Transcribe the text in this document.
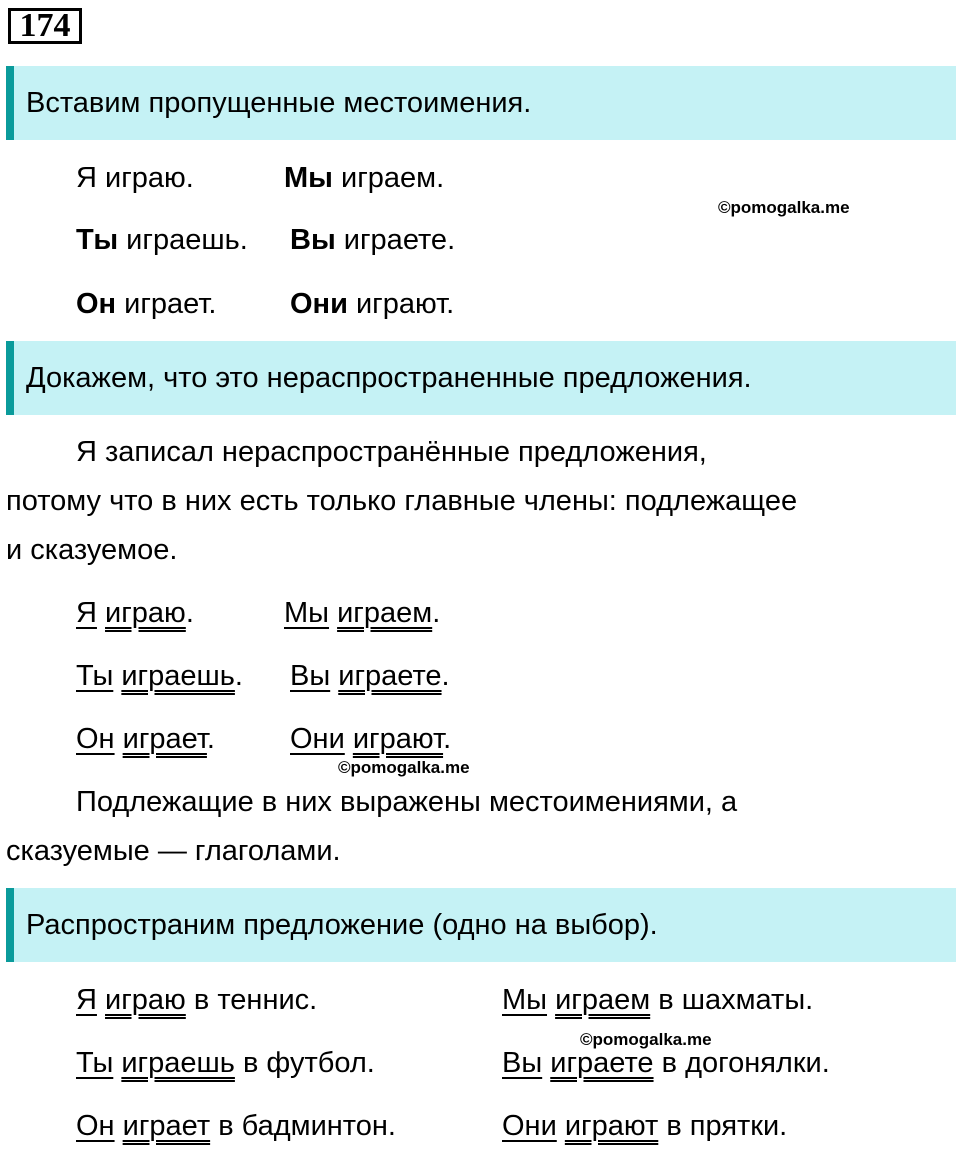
174
Вставим пропущенные местоимения.
Я играю.	Мы играем.
©pomogalka.me
Ты играешь. Вы играете.
Он играет.	Они играют.
Докажем, что это нераспространенные предложения.
Я записал нераспространённые предложения,
потому что в них есть только главные члены: подлежащее
и сказуемое.
Я играю.	Мы играем.
Ты играешь. Вы играете.
Он играет.	Они играют.
©pomogalka.me
Подлежащие в них выражены местоимениями, а
сказуемые — глаголами.
Распространим предложение (одно на выбор).
Я играю в теннис.	Мы играем в шахматы.
©pomogalka.me
Ты играешь в футбол.	Вы играете в догонялки.
Он играет в бадминтон.	Они играют в прятки.
